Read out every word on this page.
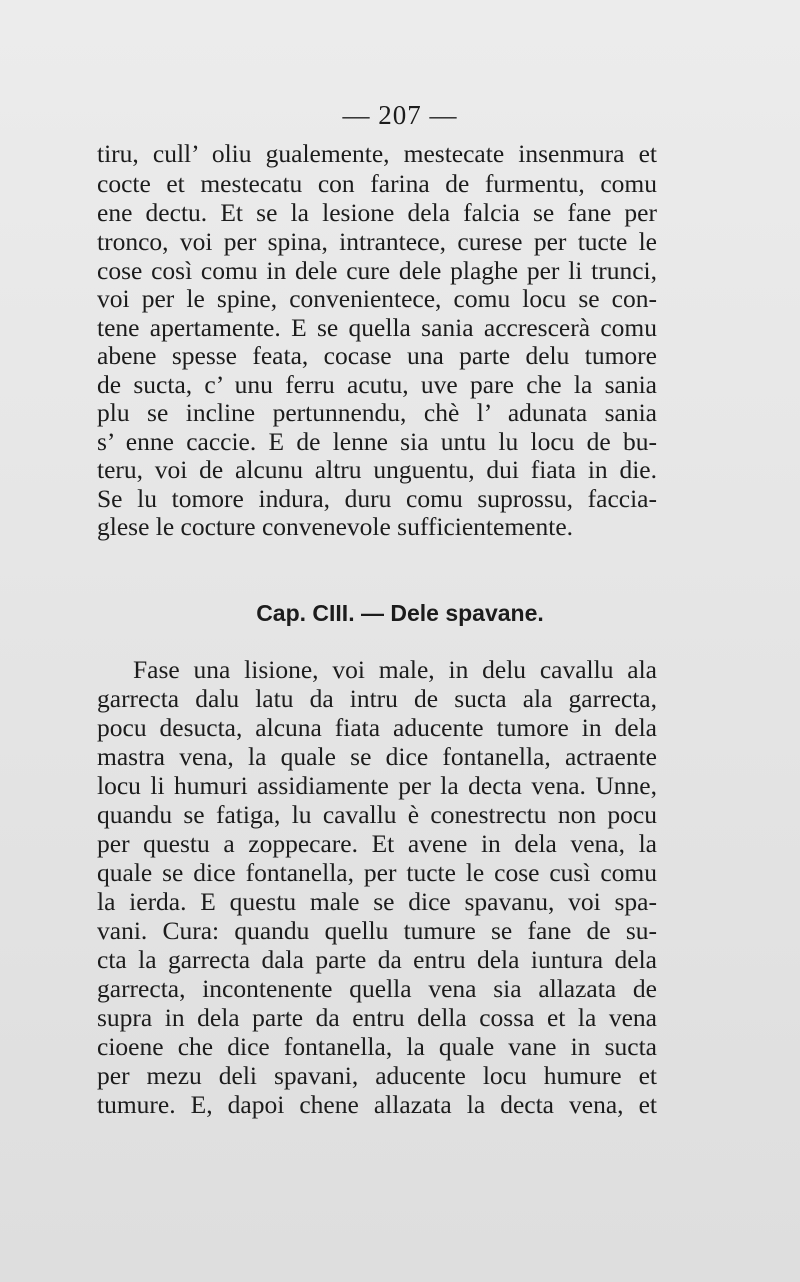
— 207 —
tiru, cull’ oliu gualemente, mestecate insenmura et
cocte et mestecatu con farina de furmentu, comu
ene dectu. Et se la lesione dela falcia se fane per
tronco, voi per spina, intrantece, curese per tucte le
cose così comu in dele cure dele plaghe per li trunci,
voi per le spine, convenientece, comu locu se con-
tene apertamente. E se quella sania accrescerà comu
abene spesse feata, cocase una parte delu tumore
de sucta, c’ unu ferru acutu, uve pare che la sania
plu se incline pertunnendu, chè l’ adunata sania
s’ enne caccie. E de lenne sia untu lu locu de bu-
teru, voi de alcunu altru unguentu, dui fiata in die.
Se lu tomore indura, duru comu suprossu, faccia-
glese le cocture convenevole sufficientemente.
Cap. CIII. — Dele spavane.
Fase una lisione, voi male, in delu cavallu ala
garrecta dalu latu da intru de sucta ala garrecta,
pocu desucta, alcuna fiata aducente tumore in dela
mastra vena, la quale se dice fontanella, actraente
locu li humuri assidiamente per la decta vena. Unne,
quandu se fatiga, lu cavallu è conestrectu non pocu
per questu a zoppecare. Et avene in dela vena, la
quale se dice fontanella, per tucte le cose cusì comu
la ierda. E questu male se dice spavanu, voi spa-
vani. Cura: quandu quellu tumure se fane de su-
cta la garrecta dala parte da entru dela iuntura dela
garrecta, incontenente quella vena sia allazata de
supra in dela parte da entru della cossa et la vena
cioene che dice fontanella, la quale vane in sucta
per mezu deli spavani, aducente locu humure et
tumure. E, dapoi chene allazata la decta vena, et
